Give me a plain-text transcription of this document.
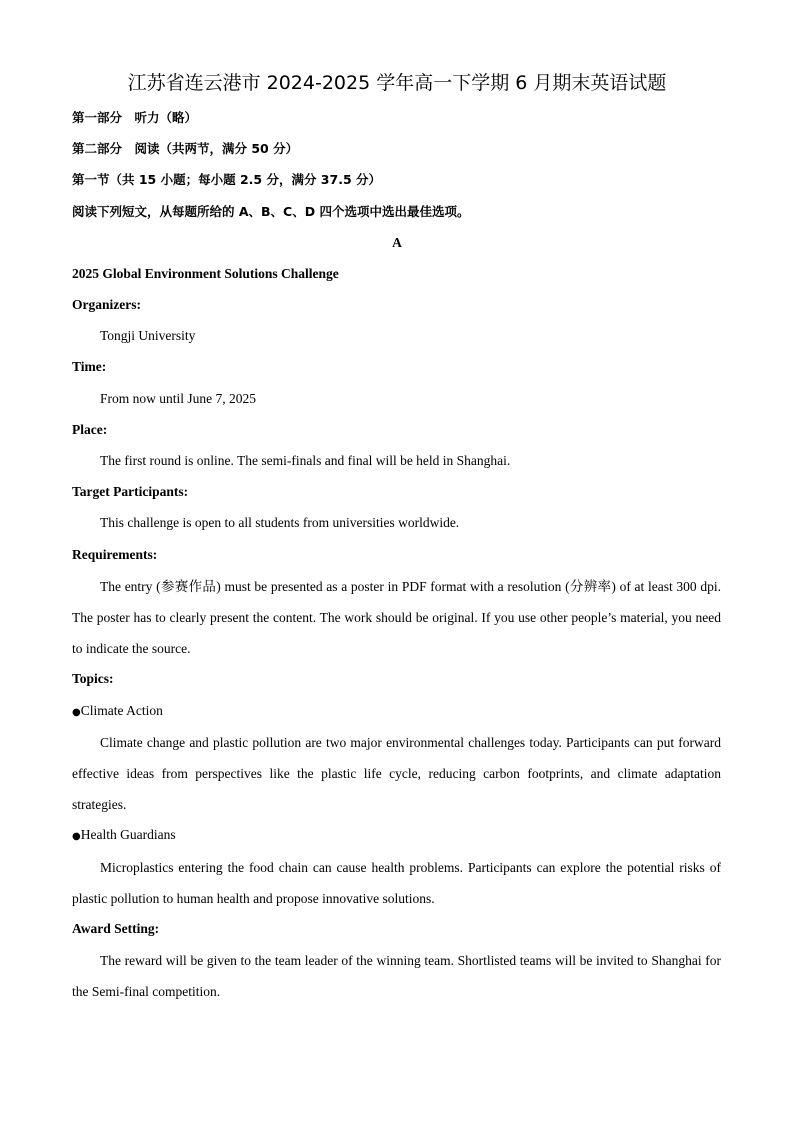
江苏省连云港市 2024-2025 学年高一下学期 6 月期末英语试题
第一部分　听力（略）
第二部分　阅读（共两节，满分 50 分）
第一节（共 15 小题；每小题 2.5 分，满分 37.5 分）
阅读下列短文，从每题所给的 A、B、C、D 四个选项中选出最佳选项。
A
2025 Global Environment Solutions Challenge
Organizers:
Tongji University
Time:
From now until June 7, 2025
Place:
The first round is online. The semi-finals and final will be held in Shanghai.
Target Participants:
This challenge is open to all students from universities worldwide.
Requirements:
The entry (参赛作品) must be presented as a poster in PDF format with a resolution (分辨率) of at least 300 dpi. The poster has to clearly present the content. The work should be original. If you use other people’s material, you need to indicate the source.
Topics:
●Climate Action
Climate change and plastic pollution are two major environmental challenges today. Participants can put forward effective ideas from perspectives like the plastic life cycle, reducing carbon footprints, and climate adaptation strategies.
●Health Guardians
Microplastics entering the food chain can cause health problems. Participants can explore the potential risks of plastic pollution to human health and propose innovative solutions.
Award Setting:
The reward will be given to the team leader of the winning team. Shortlisted teams will be invited to Shanghai for the Semi-final competition.
